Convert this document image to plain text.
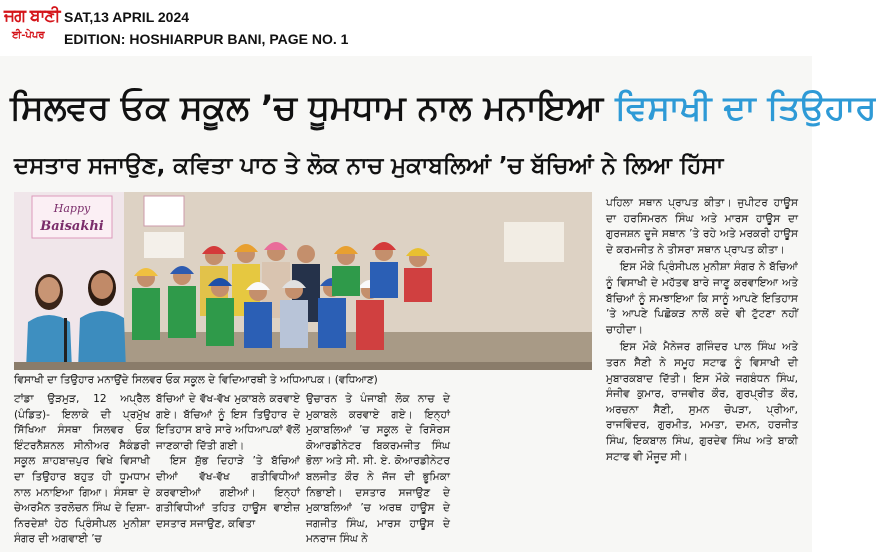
ਜਗ ਬਾਣੀ
ਈ-ਪੇਪਰ
SAT,13 APRIL 2024
EDITION: HOSHIARPUR BANI, PAGE NO. 1
ਸਿਲਵਰ ਓਕ ਸਕੂਲ ’ਚ ਧੂਮਧਾਮ ਨਾਲ ਮਨਾਇਆ ਵਿਸਾਖੀ ਦਾ ਤਿਉਹਾਰ
ਦਸਤਾਰ ਸਜਾਉਣ, ਕਵਿਤਾ ਪਾਠ ਤੇ ਲੋਕ ਨਾਚ ਮੁਕਾਬਲਿਆਂ ’ਚ ਬੱਚਿਆਂ ਨੇ ਲਿਆ ਹਿੱਸਾ
Happy
Baisakhi
ਵਿਸਾਖੀ ਦਾ ਤਿਉਹਾਰ ਮਨਾਉਂਦੇ ਸਿਲਵਰ ਓਕ ਸਕੂਲ ਦੇ ਵਿਦਿਆਰਥੀ ਤੇ ਅਧਿਆਪਕ। (ਵਧਿਆਣ)

ਟਾਂਡਾ ਉੜਮੁੜ, 12 ਅਪ੍ਰੈਲ (ਪੰਡਿਤ)- ਇਲਾਕੇ ਦੀ ਪ੍ਰਮੁੱਖ ਸਿੱਖਿਆ ਸੰਸਥਾ ਸਿਲਵਰ ਓਕ ਇੰਟਰਨੈਸ਼ਨਲ ਸੀਨੀਅਰ ਸੈਕੰਡਰੀ ਸਕੂਲ ਸ਼ਾਹਬਾਜ਼ਪੁਰ ਵਿਖੇ ਵਿਸਾਖੀ ਦਾ ਤਿਉਹਾਰ ਬਹੁਤ ਹੀ ਧੂਮਧਾਮ ਨਾਲ ਮਨਾਇਆ ਗਿਆ। ਸੰਸਥਾ ਦੇ ਚੇਅਰਮੈਨ ਤਰਲੋਚਨ ਸਿੰਘ ਦੇ ਦਿਸ਼ਾ-ਨਿਰਦੇਸ਼ਾਂ ਹੇਠ ਪ੍ਰਿੰਸੀਪਲ ਮੁਨੀਸ਼ਾ ਸੰਗਰ ਦੀ ਅਗਵਾਈ ’ਚ

ਬੱਚਿਆਂ ਦੇ ਵੱਖ-ਵੱਖ ਮੁਕਾਬਲੇ ਕਰਵਾਏ ਗਏ। ਬੱਚਿਆਂ ਨੂੰ ਇਸ ਤਿਉਹਾਰ ਦੇ ਇਤਿਹਾਸ ਬਾਰੇ ਸਾਰੇ ਅਧਿਆਪਕਾਂ ਵੱਲੋਂ ਜਾਣਕਾਰੀ ਦਿੱਤੀ ਗਈ।

ਇਸ ਸ਼ੁੱਭ ਦਿਹਾੜੇ ’ਤੇ ਬੱਚਿਆਂ ਦੀਆਂ ਵੱਖ-ਵੱਖ ਗਤੀਵਿਧੀਆਂ ਕਰਵਾਈਆਂ ਗਈਆਂ। ਇਨ੍ਹਾਂ ਗਤੀਵਿਧੀਆਂ ਤਹਿਤ ਹਾਊਸ ਵਾਈਜ਼ ਦਸਤਾਰ ਸਜਾਉਣ, ਕਵਿਤਾ

ਉਚਾਰਨ ਤੇ ਪੰਜਾਬੀ ਲੋਕ ਨਾਚ ਦੇ ਮੁਕਾਬਲੇ ਕਰਵਾਏ ਗਏ। ਇਨ੍ਹਾਂ ਮੁਕਾਬਲਿਆਂ ’ਚ ਸਕੂਲ ਦੇ ਰਿਸੋਰਸ ਕੋਆਰਡੀਨੇਟਰ ਬਿਕਰਮਜੀਤ ਸਿੰਘ ਭੋਲਾ ਅਤੇ ਸੀ. ਸੀ. ਏ. ਕੋਆਰਡੀਨੇਟਰ ਬਲਜੀਤ ਕੌਰ ਨੇ ਜੱਜ ਦੀ ਭੂਮਿਕਾ ਨਿਭਾਈ। ਦਸਤਾਰ ਸਜਾਉਣ ਦੇ ਮੁਕਾਬਲਿਆਂ ’ਚ ਅਰਥ ਹਾਊਸ ਦੇ ਜਗਜੀਤ ਸਿੰਘ, ਮਾਰਸ ਹਾਊਸ ਦੇ ਮਨਰਾਜ ਸਿੰਘ ਨੇ

ਪਹਿਲਾ ਸਥਾਨ ਪ੍ਰਾਪਤ ਕੀਤਾ। ਜੁਪੀਟਰ ਹਾਊਸ ਦਾ ਹਰਸਿਮਰਨ ਸਿੰਘ ਅਤੇ ਮਾਰਸ ਹਾਊਸ ਦਾ ਗੁਰਜਸ਼ਨ ਦੂਜੇ ਸਥਾਨ ’ਤੇ ਰਹੇ ਅਤੇ ਮਰਕਰੀ ਹਾਊਸ ਦੇ ਕਰਮਜੀਤ ਨੇ ਤੀਸਰਾ ਸਥਾਨ ਪ੍ਰਾਪਤ ਕੀਤਾ।

ਇਸ ਮੌਕੇ ਪ੍ਰਿੰਸੀਪਲ ਮੁਨੀਸ਼ਾ ਸੰਗਰ ਨੇ ਬੱਚਿਆਂ ਨੂੰ ਵਿਸਾਖੀ ਦੇ ਮਹੱਤਵ ਬਾਰੇ ਜਾਣੂ ਕਰਵਾਇਆ ਅਤੇ ਬੱਚਿਆਂ ਨੂੰ ਸਮਝਾਇਆ ਕਿ ਸਾਨੂੰ ਆਪਣੇ ਇਤਿਹਾਸ ’ਤੇ ਆਪਣੇ ਪਿਛੋਕੜ ਨਾਲੋਂ ਕਦੇ ਵੀ ਟੁੱਟਣਾ ਨਹੀਂ ਚਾਹੀਦਾ।

ਇਸ ਮੌਕੇ ਮੈਨੇਜਰ ਗਜਿੰਦਰ ਪਾਲ ਸਿੰਘ ਅਤੇ ਤਰਨ ਸੈਣੀ ਨੇ ਸਮੂਹ ਸਟਾਫ ਨੂੰ ਵਿਸਾਖੀ ਦੀ ਮੁਬਾਰਕਬਾਦ ਦਿੱਤੀ। ਇਸ ਮੌਕੇ ਜਗਬੰਧਨ ਸਿੰਘ, ਸੰਜੀਵ ਕੁਮਾਰ, ਰਾਜਵੀਰ ਕੌਰ, ਗੁਰਪ੍ਰੀਤ ਕੌਰ, ਅਰਚਨਾ ਸੈਣੀ, ਸੁਮਨ ਚੋਪੜਾ, ਪ੍ਰੀਆ, ਰਾਜਵਿੰਦਰ, ਗੁਰਮੀਤ, ਮਮਤਾ, ਦਮਨ, ਹਰਜੀਤ ਸਿੰਘ, ਇਕਬਾਲ ਸਿੰਘ, ਗੁਰਦੇਵ ਸਿੰਘ ਅਤੇ ਬਾਕੀ ਸਟਾਫ ਵੀ ਮੌਜੂਦ ਸੀ।
